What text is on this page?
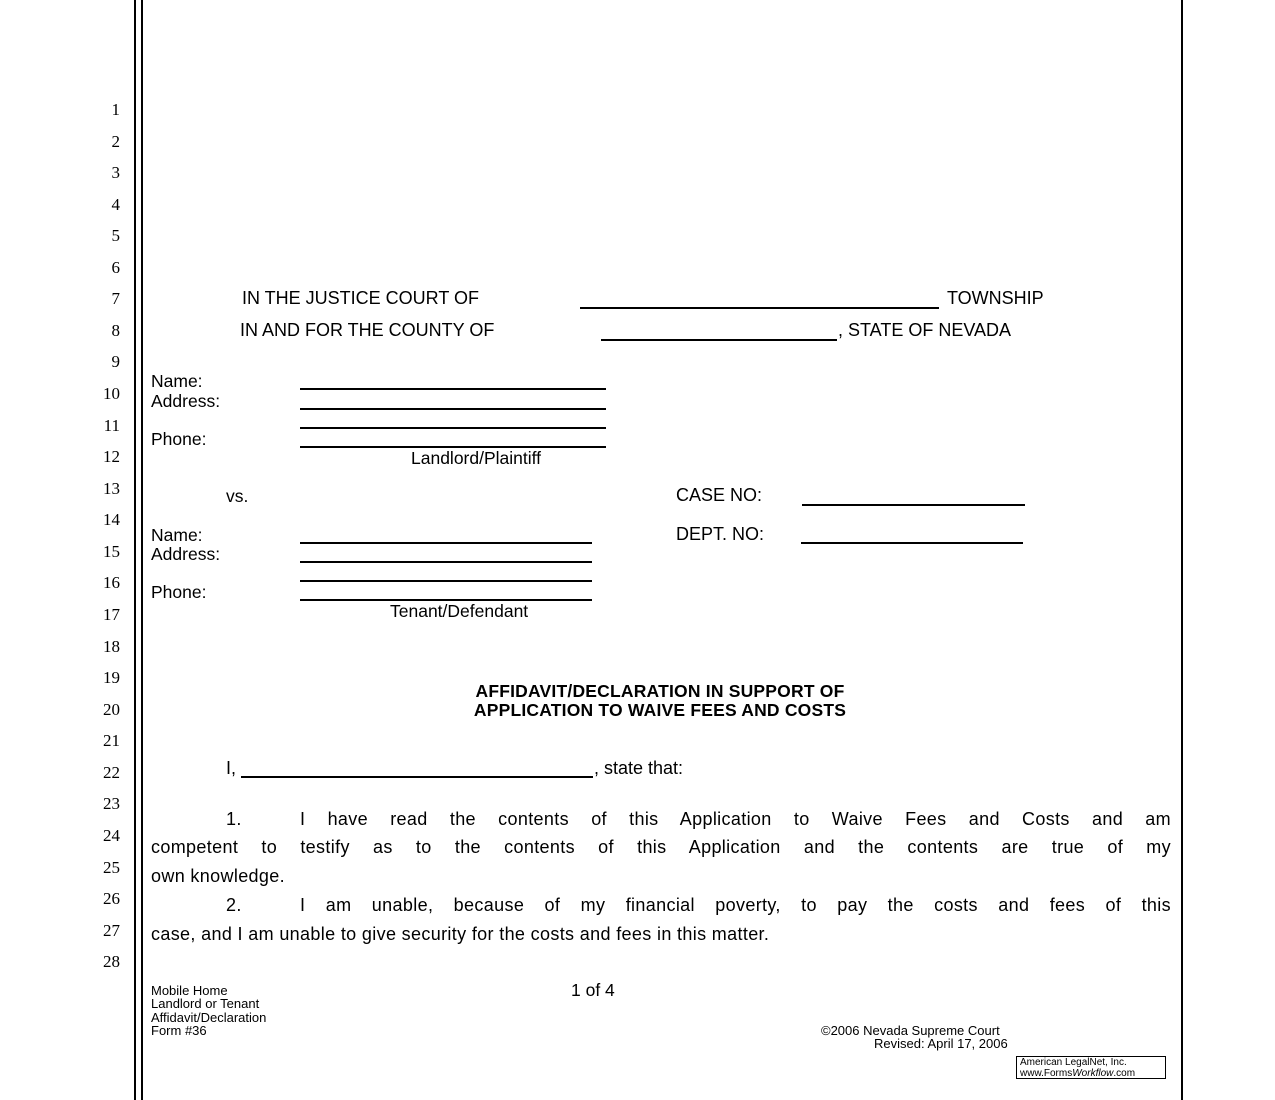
1
2
3
4
5
6
7
8
9
10
11
12
13
14
15
16
17
18
19
20
21
22
23
24
25
26
27
28
IN THE JUSTICE COURT OF	TOWNSHIP
IN AND FOR THE COUNTY OF	, STATE OF NEVADA
Name:
Address:
Phone:
Landlord/Plaintiff
vs.	CASE NO:
DEPT. NO:
Name:
Address:
Phone:
Tenant/Defendant
AFFIDAVIT/DECLARATION IN SUPPORT OF
APPLICATION TO WAIVE FEES AND COSTS
I,	, state that:
1.	I have read the contents of this Application to Waive Fees and Costs and am
competent to testify as to the contents of this Application and the contents are true of my
own knowledge.
2.	I am unable, because of my financial poverty, to pay the costs and fees of this
case, and I am unable to give security for the costs and fees in this matter.
Mobile Home
Landlord or Tenant
Affidavit/Declaration
Form #36
1 of 4
©2006 Nevada Supreme Court
Revised: April 17, 2006
American LegalNet, Inc.
www.FormsWorkflow.com
